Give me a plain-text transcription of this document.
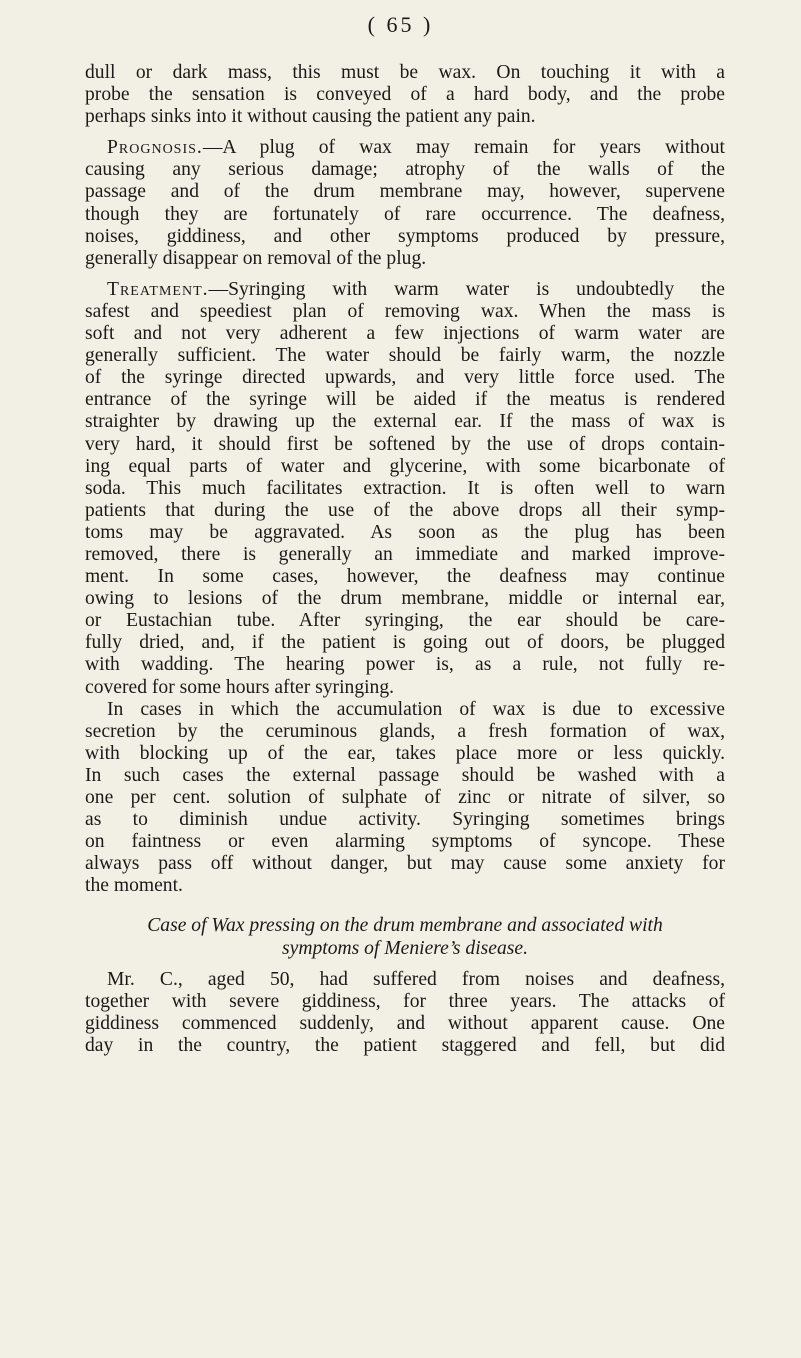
( 65 )

dull or dark mass, this must be wax. On touching it with a

probe the sensation is conveyed of a hard body, and the probe

perhaps sinks into it without causing the patient any pain.

Prognosis.—A plug of wax may remain for years without

causing any serious damage; atrophy of the walls of the

passage and of the drum membrane may, however, supervene

though they are fortunately of rare occurrence. The deafness,

noises, giddiness, and other symptoms produced by pressure,

generally disappear on removal of the plug.

Treatment.—Syringing with warm water is undoubtedly the

safest and speediest plan of removing wax. When the mass is

soft and not very adherent a few injections of warm water are

generally sufficient. The water should be fairly warm, the nozzle

of the syringe directed upwards, and very little force used. The

entrance of the syringe will be aided if the meatus is rendered

straighter by drawing up the external ear. If the mass of wax is

very hard, it should first be softened by the use of drops contain-

ing equal parts of water and glycerine, with some bicarbonate of

soda. This much facilitates extraction. It is often well to warn

patients that during the use of the above drops all their symp-

toms may be aggravated. As soon as the plug has been

removed, there is generally an immediate and marked improve-

ment. In some cases, however, the deafness may continue

owing to lesions of the drum membrane, middle or internal ear,

or Eustachian tube. After syringing, the ear should be care-

fully dried, and, if the patient is going out of doors, be plugged

with wadding. The hearing power is, as a rule, not fully re-

covered for some hours after syringing.

In cases in which the accumulation of wax is due to excessive

secretion by the ceruminous glands, a fresh formation of wax,

with blocking up of the ear, takes place more or less quickly.

In such cases the external passage should be washed with a

one per cent. solution of sulphate of zinc or nitrate of silver, so

as to diminish undue activity. Syringing sometimes brings

on faintness or even alarming symptoms of syncope. These

always pass off without danger, but may cause some anxiety for

the moment.

Case of Wax pressing on the drum membrane and associated with

symptoms of Meniere’s disease.

Mr. C., aged 50, had suffered from noises and deafness,

together with severe giddiness, for three years. The attacks of

giddiness commenced suddenly, and without apparent cause. One

day in the country, the patient staggered and fell, but did
